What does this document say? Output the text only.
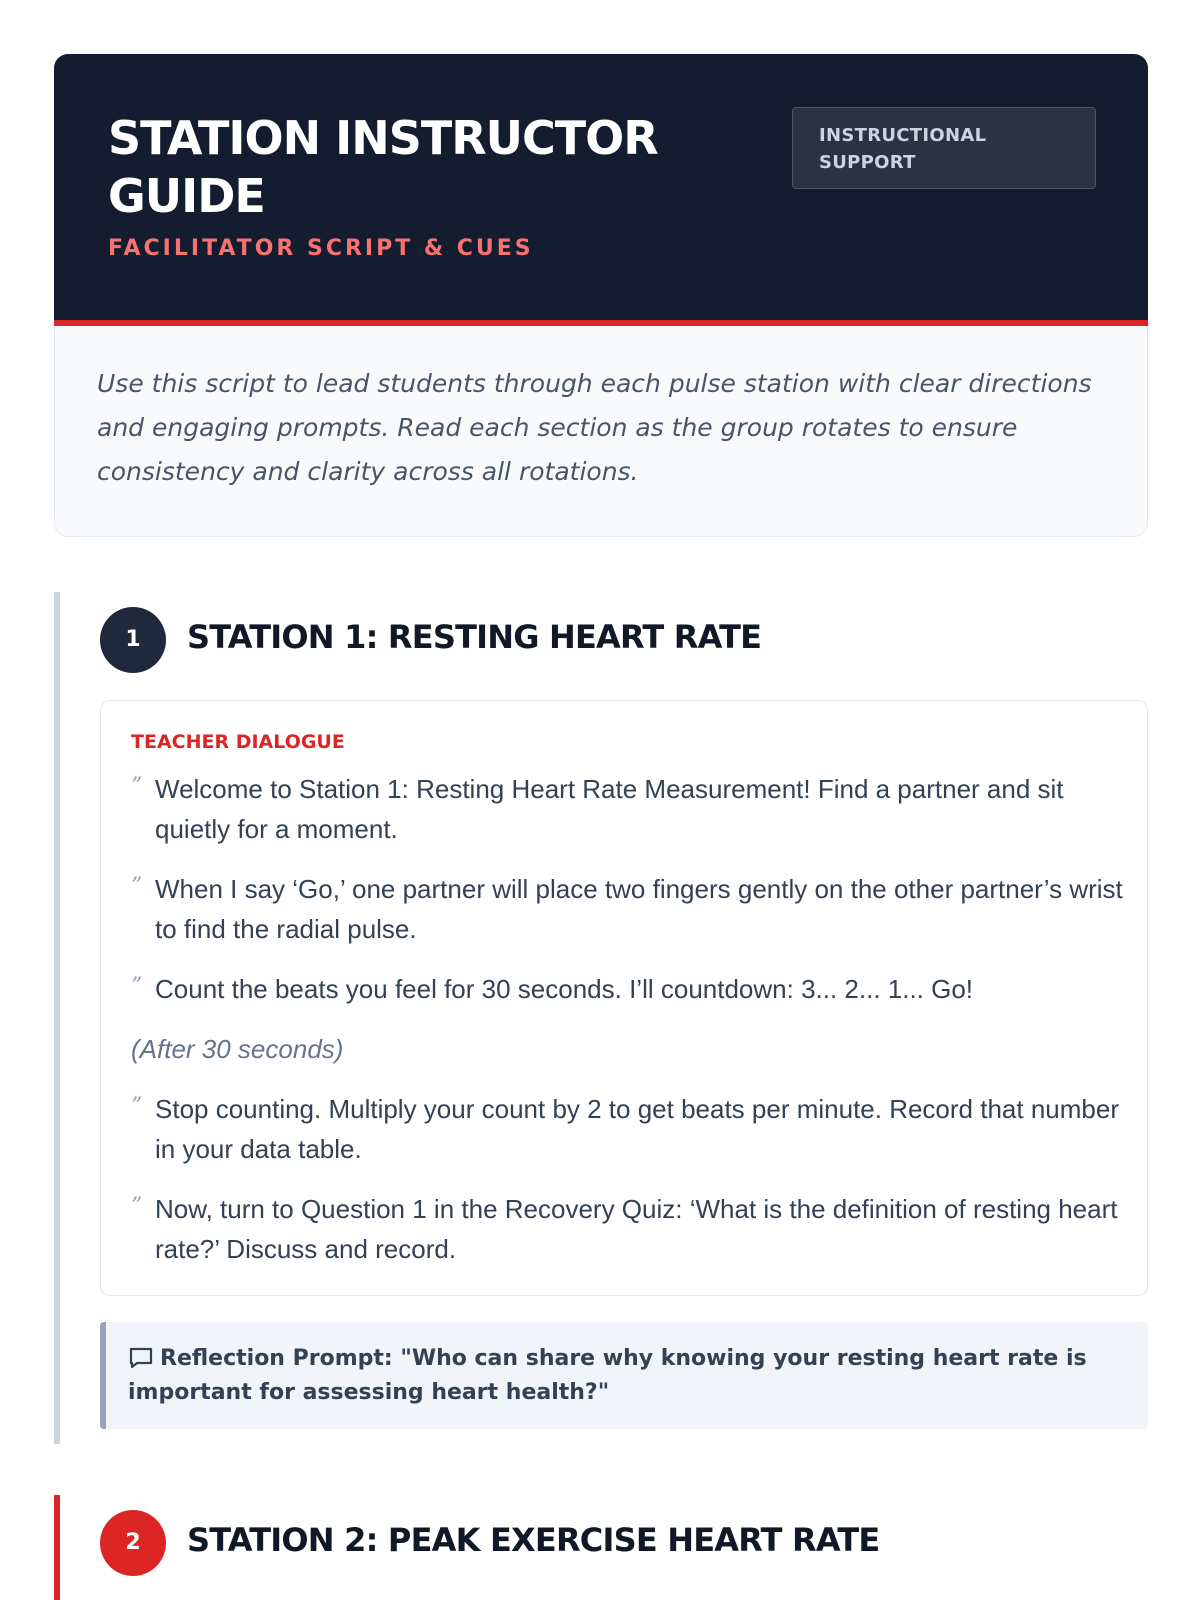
STATION INSTRUCTOR GUIDE
FACILITATOR SCRIPT & CUES
INSTRUCTIONAL SUPPORT
Use this script to lead students through each pulse station with clear directions and engaging prompts. Read each section as the group rotates to ensure consistency and clarity across all rotations.
1	STATION 1: RESTING HEART RATE
TEACHER DIALOGUE
” Welcome to Station 1: Resting Heart Rate Measurement! Find a partner and sit quietly for a moment.
” When I say ‘Go,’ one partner will place two fingers gently on the other partner’s wrist to find the radial pulse.
” Count the beats you feel for 30 seconds. I’ll countdown: 3... 2... 1... Go!
(After 30 seconds)
” Stop counting. Multiply your count by 2 to get beats per minute. Record that number in your data table.
” Now, turn to Question 1 in the Recovery Quiz: ‘What is the definition of resting heart rate?’ Discuss and record.
Reflection Prompt: "Who can share why knowing your resting heart rate is important for assessing heart health?"
2	STATION 2: PEAK EXERCISE HEART RATE
